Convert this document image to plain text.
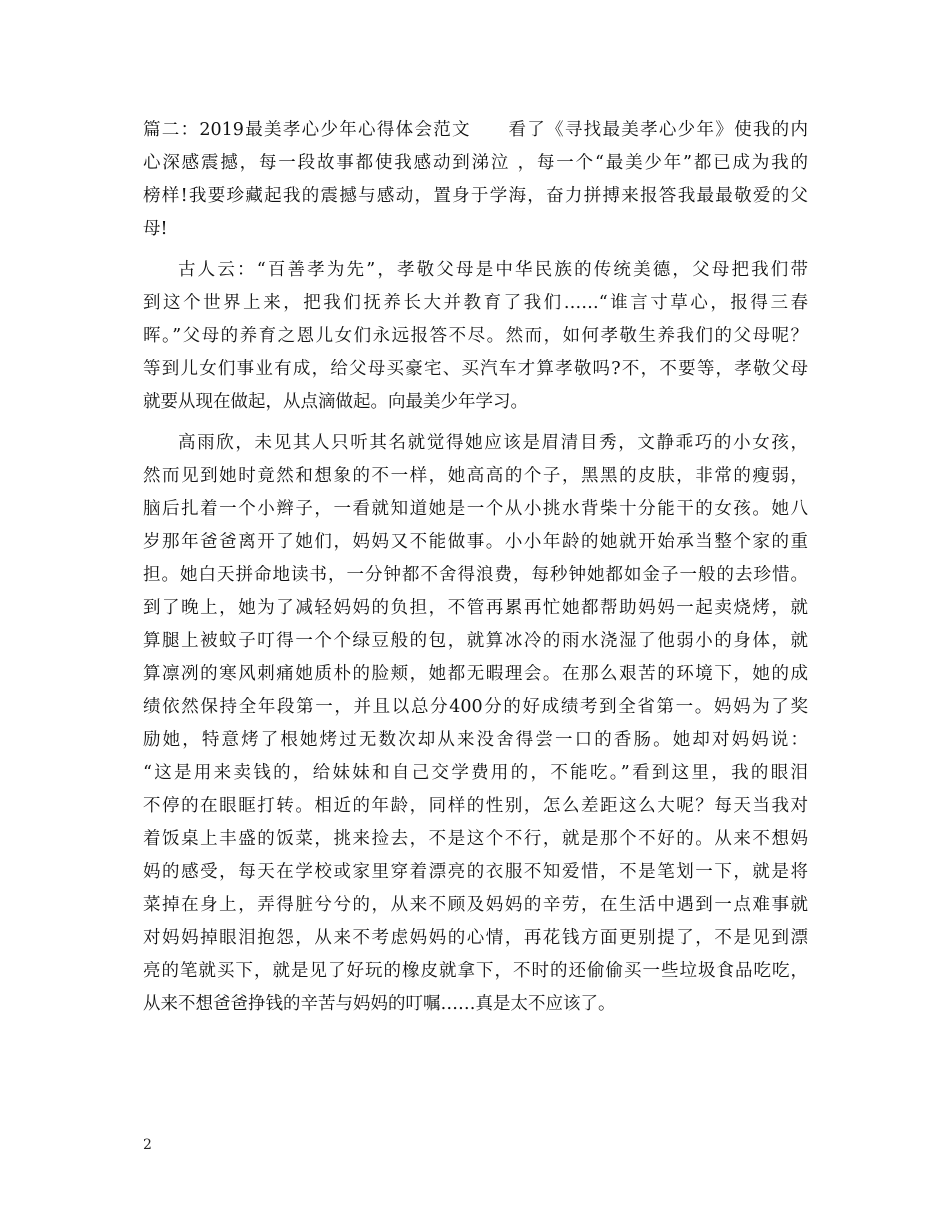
篇二：2019最美孝心少年心得体会范文　　看了《寻找最美孝心少年》使我的内
心深感震撼，每一段故事都使我感动到涕泣 ，每一个“最美少年”都已成为我的
榜样!我要珍藏起我的震撼与感动，置身于学海，奋力拼搏来报答我最最敬爱的父
母!
古人云：“百善孝为先”，孝敬父母是中华民族的传统美德，父母把我们带
到这个世界上来，把我们抚养长大并教育了我们……“谁言寸草心，报得三春
晖。”父母的养育之恩儿女们永远报答不尽。然而，如何孝敬生养我们的父母呢？
等到儿女们事业有成，给父母买豪宅、买汽车才算孝敬吗?不，不要等，孝敬父母
就要从现在做起，从点滴做起。向最美少年学习。
高雨欣，未见其人只听其名就觉得她应该是眉清目秀，文静乖巧的小女孩，
然而见到她时竟然和想象的不一样，她高高的个子，黑黑的皮肤，非常的瘦弱，
脑后扎着一个小辫子，一看就知道她是一个从小挑水背柴十分能干的女孩。她八
岁那年爸爸离开了她们，妈妈又不能做事。小小年龄的她就开始承当整个家的重
担。她白天拼命地读书，一分钟都不舍得浪费，每秒钟她都如金子一般的去珍惜。
到了晚上，她为了减轻妈妈的负担，不管再累再忙她都帮助妈妈一起卖烧烤，就
算腿上被蚊子叮得一个个绿豆般的包，就算冰冷的雨水浇湿了他弱小的身体，就
算凛冽的寒风刺痛她质朴的脸颊，她都无暇理会。在那么艰苦的环境下，她的成
绩依然保持全年段第一，并且以总分400分的好成绩考到全省第一。妈妈为了奖
励她，特意烤了根她烤过无数次却从来没舍得尝一口的香肠。她却对妈妈说：
“这是用来卖钱的，给妹妹和自己交学费用的，不能吃。”看到这里，我的眼泪
不停的在眼眶打转。相近的年龄，同样的性别，怎么差距这么大呢？每天当我对
着饭桌上丰盛的饭菜，挑来捡去，不是这个不行，就是那个不好的。从来不想妈
妈的感受，每天在学校或家里穿着漂亮的衣服不知爱惜，不是笔划一下，就是将
菜掉在身上，弄得脏兮兮的，从来不顾及妈妈的辛劳，在生活中遇到一点难事就
对妈妈掉眼泪抱怨，从来不考虑妈妈的心情，再花钱方面更别提了，不是见到漂
亮的笔就买下，就是见了好玩的橡皮就拿下，不时的还偷偷买一些垃圾食品吃吃，
从来不想爸爸挣钱的辛苦与妈妈的叮嘱……真是太不应该了。
2
